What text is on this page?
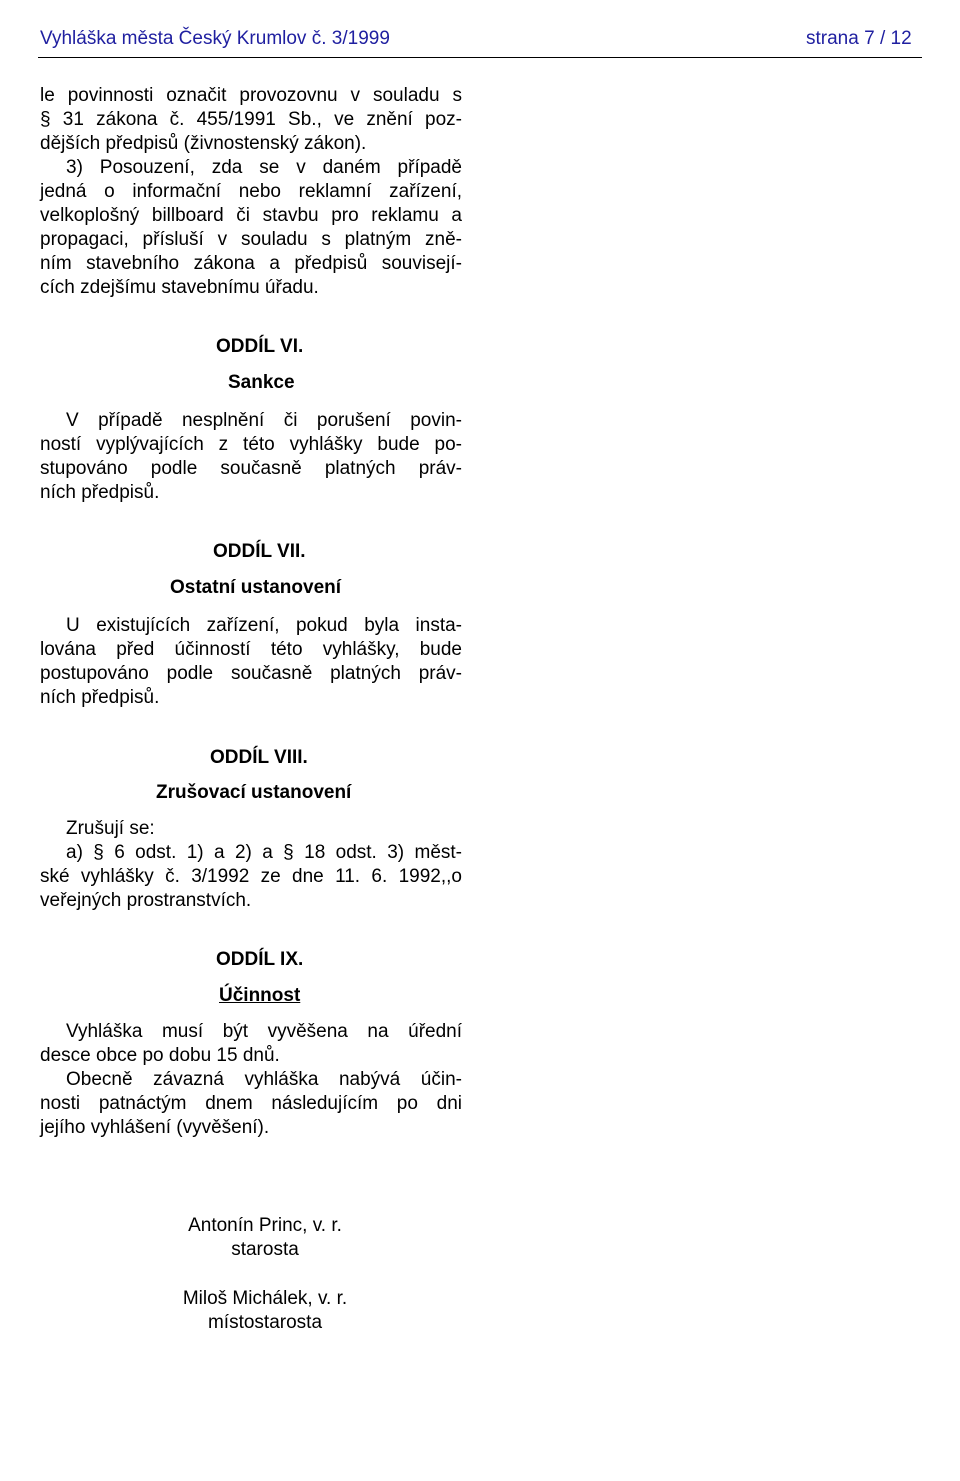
Vyhláška města Český Krumlov č. 3/1999	strana 7 / 12
le povinnosti označit provozovnu v souladu s
§ 31 zákona č. 455/1991 Sb., ve znění poz-
dějších předpisů (živnostenský zákon).
3) Posouzení, zda se v daném případě
jedná o informační nebo reklamní zařízení,
velkoplošný billboard či stavbu pro reklamu a
propagaci, přísluší v souladu s platným zně-
ním stavebního zákona a předpisů souvisejí-
cích zdejšímu stavebnímu úřadu.
ODDÍL VI.
Sankce
V případě nesplnění či porušení povin-
ností vyplývajících z této vyhlášky bude po-
stupováno podle současně platných práv-
ních předpisů.
ODDÍL VII.
Ostatní ustanovení
U existujících zařízení, pokud byla insta-
lována před účinností této vyhlášky, bude
postupováno podle současně platných práv-
ních předpisů.
ODDÍL VIII.
Zrušovací ustanovení
Zrušují se:
a) § 6 odst. 1) a 2) a § 18 odst. 3) měst-
ské vyhlášky č. 3/1992 ze dne 11. 6. 1992,,o
veřejných prostranstvích.
ODDÍL IX.
Účinnost
Vyhláška musí být vyvěšena na úřední
desce obce po dobu 15 dnů.
Obecně závazná vyhláška nabývá účin-
nosti patnáctým dnem následujícím po dni
jejího vyhlášení (vyvěšení).
Antonín Princ, v. r.
starosta
Miloš Michálek, v. r.
místostarosta
